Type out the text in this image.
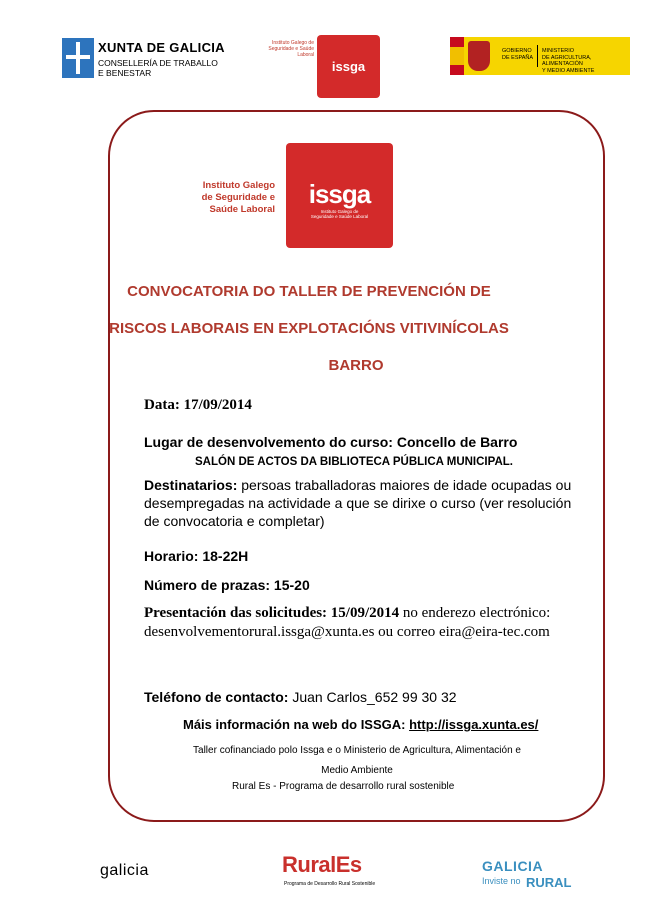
XUNTA DE GALICIA
CONSELLERÍA DE TRABALLO
E BENESTAR
Instituto Galego de Seguridade e Saúde Laboral
issga
GOBIERNO
DE ESPAÑA
MINISTERIO
DE AGRICULTURA, ALIMENTACIÓN
Y MEDIO AMBIENTE
Instituto Galego
de Seguridade e
Saúde Laboral
issga
Instituto Galego de
Seguridade e Saúde Laboral
CONVOCATORIA DO TALLER DE PREVENCIÓN DE
RISCOS LABORAIS EN EXPLOTACIÓNS VITIVINÍCOLAS
BARRO
Data: 17/09/2014
Lugar de desenvolvemento do curso: Concello de Barro
SALÓN DE ACTOS DA BIBLIOTECA PÚBLICA MUNICIPAL.
Destinatarios: persoas traballadoras maiores de idade ocupadas ou desempregadas na actividade a que se dirixe o curso (ver resolución de convocatoria e completar)
Horario: 18-22H
Número de prazas: 15-20
Presentación das solicitudes: 15/09/2014 no enderezo electrónico: desenvolvementorural.issga@xunta.es ou correo eira@eira-tec.com
Teléfono de contacto: Juan Carlos_652 99 30 32
Máis información na web do ISSGA: http://issga.xunta.es/
Taller cofinanciado polo Issga e o Ministerio de Agricultura, Alimentación e
Medio Ambiente
Rural Es - Programa de desarrollo rural sostenible
galicia	RuralEs
Programa de Desarrollo Rural Sostenible
GALICIA
Inviste no RURAL
